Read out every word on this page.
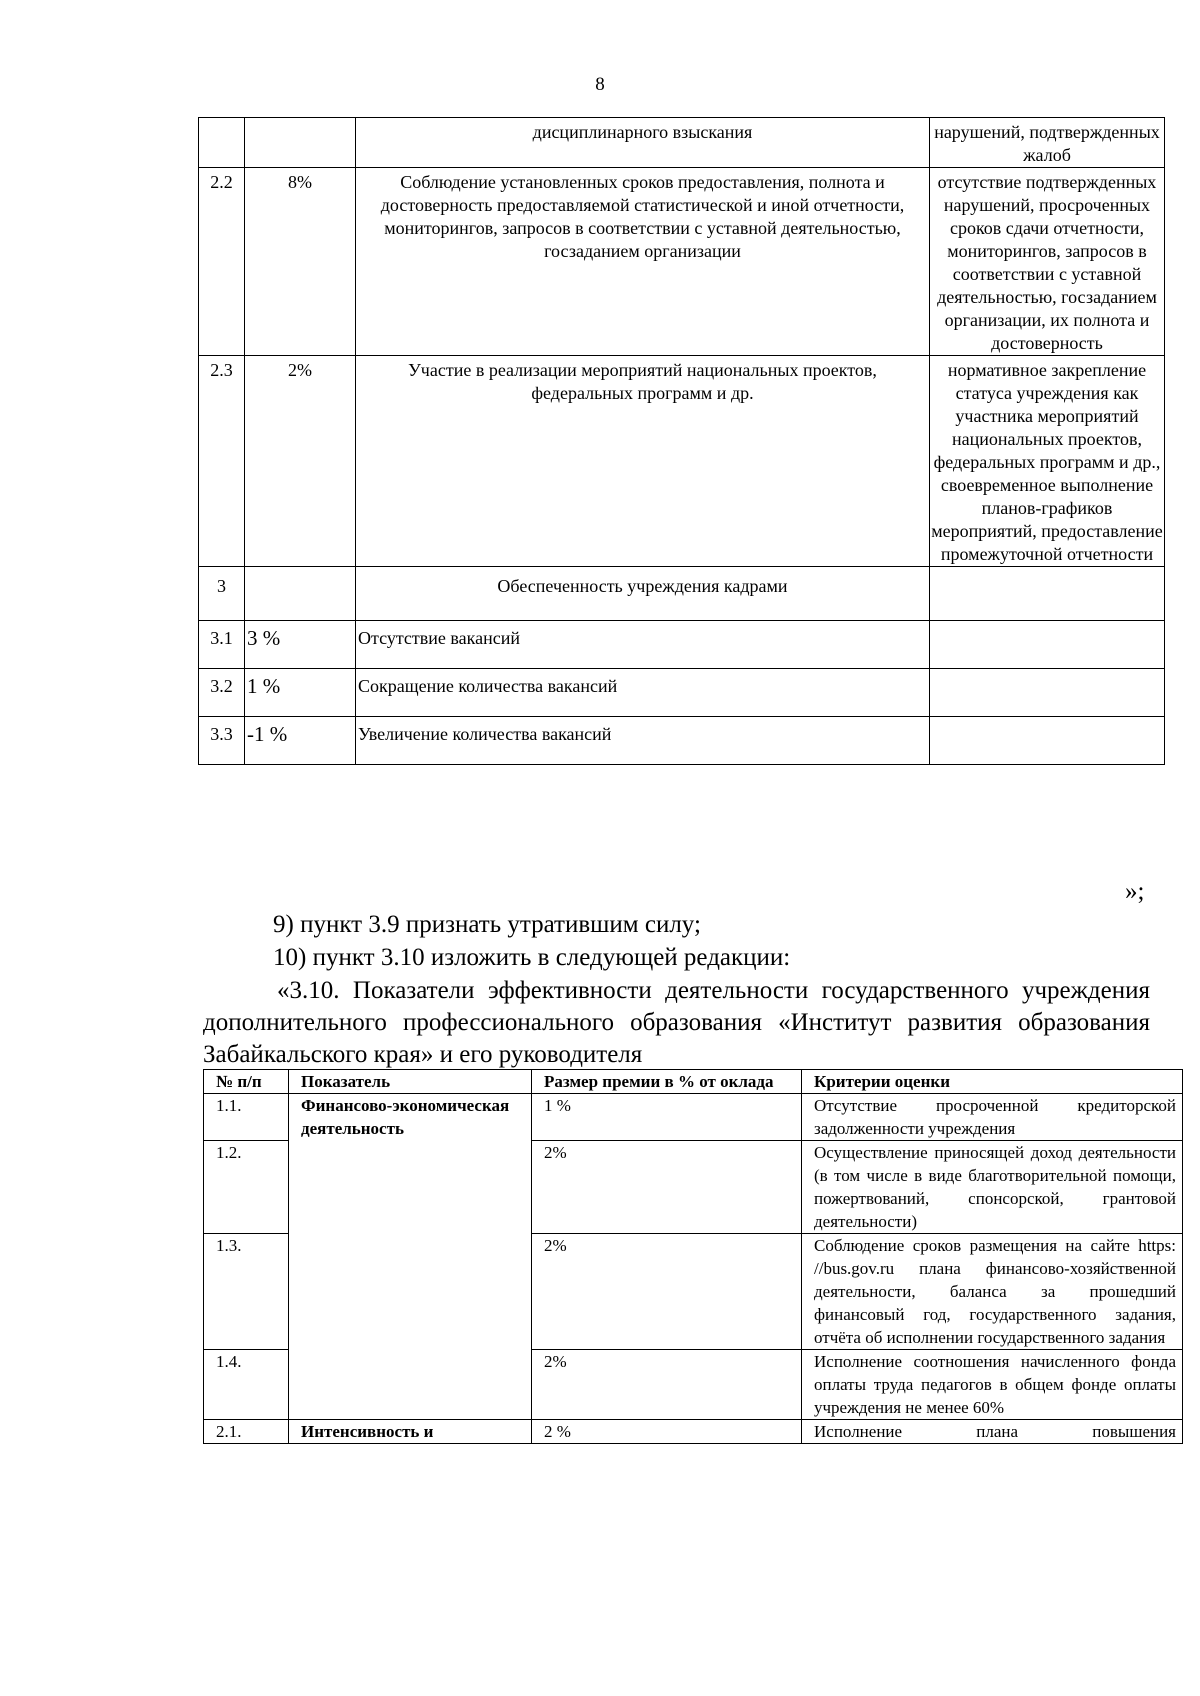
8
		дисциплинарного взыскания	нарушений, подтвержденных жалоб
2.2	8%	Соблюдение установленных сроков предоставления, полнота и достоверность предоставляемой статистической и иной отчетности, мониторингов, запросов в соответствии с уставной деятельностью, госзаданием организации	отсутствие подтвержденных нарушений, просроченных сроков сдачи отчетности, мониторингов, запросов в соответствии с уставной деятельностью, госзаданием организации, их полнота и достоверность
2.3	2%	Участие в реализации мероприятий национальных проектов, федеральных программ и др.	нормативное закрепление статуса учреждения как участника мероприятий национальных проектов, федеральных программ и др., своевременное выполнение планов-графиков мероприятий, предоставление промежуточной отчетности
3		Обеспеченность учреждения кадрами	
3.1	3 %	Отсутствие вакансий	
3.2	1 %	Сокращение количества вакансий	
3.3	-1 %	Увеличение количества вакансий	
»;
9) пункт 3.9 признать утратившим силу;
10) пункт 3.10 изложить в следующей редакции:
«3.10. Показатели эффективности деятельности государственного учреждения дополнительного профессионального образования «Институт развития образования Забайкальского края» и его руководителя
№ п/п	Показатель	Размер премии в % от оклада	Критерии оценки
1.1.	Финансово-экономическая деятельность	1 %	Отсутствие просроченной кредиторской задолженности учреждения
1.2.		2%	Осуществление приносящей доход деятельности (в том числе в виде благотворительной помощи, пожертвований, спонсорской, грантовой деятельности)
1.3.		2%	Соблюдение сроков размещения на сайте https: //bus.gov.ru плана финансово-хозяйственной деятельности, баланса за прошедший финансовый год, государственного задания, отчёта об исполнении государственного задания
1.4.		2%	Исполнение соотношения начисленного фонда оплаты труда педагогов в общем фонде оплаты учреждения не менее 60%
2.1.	Интенсивность и	2 %	Исполнение плана повышения
